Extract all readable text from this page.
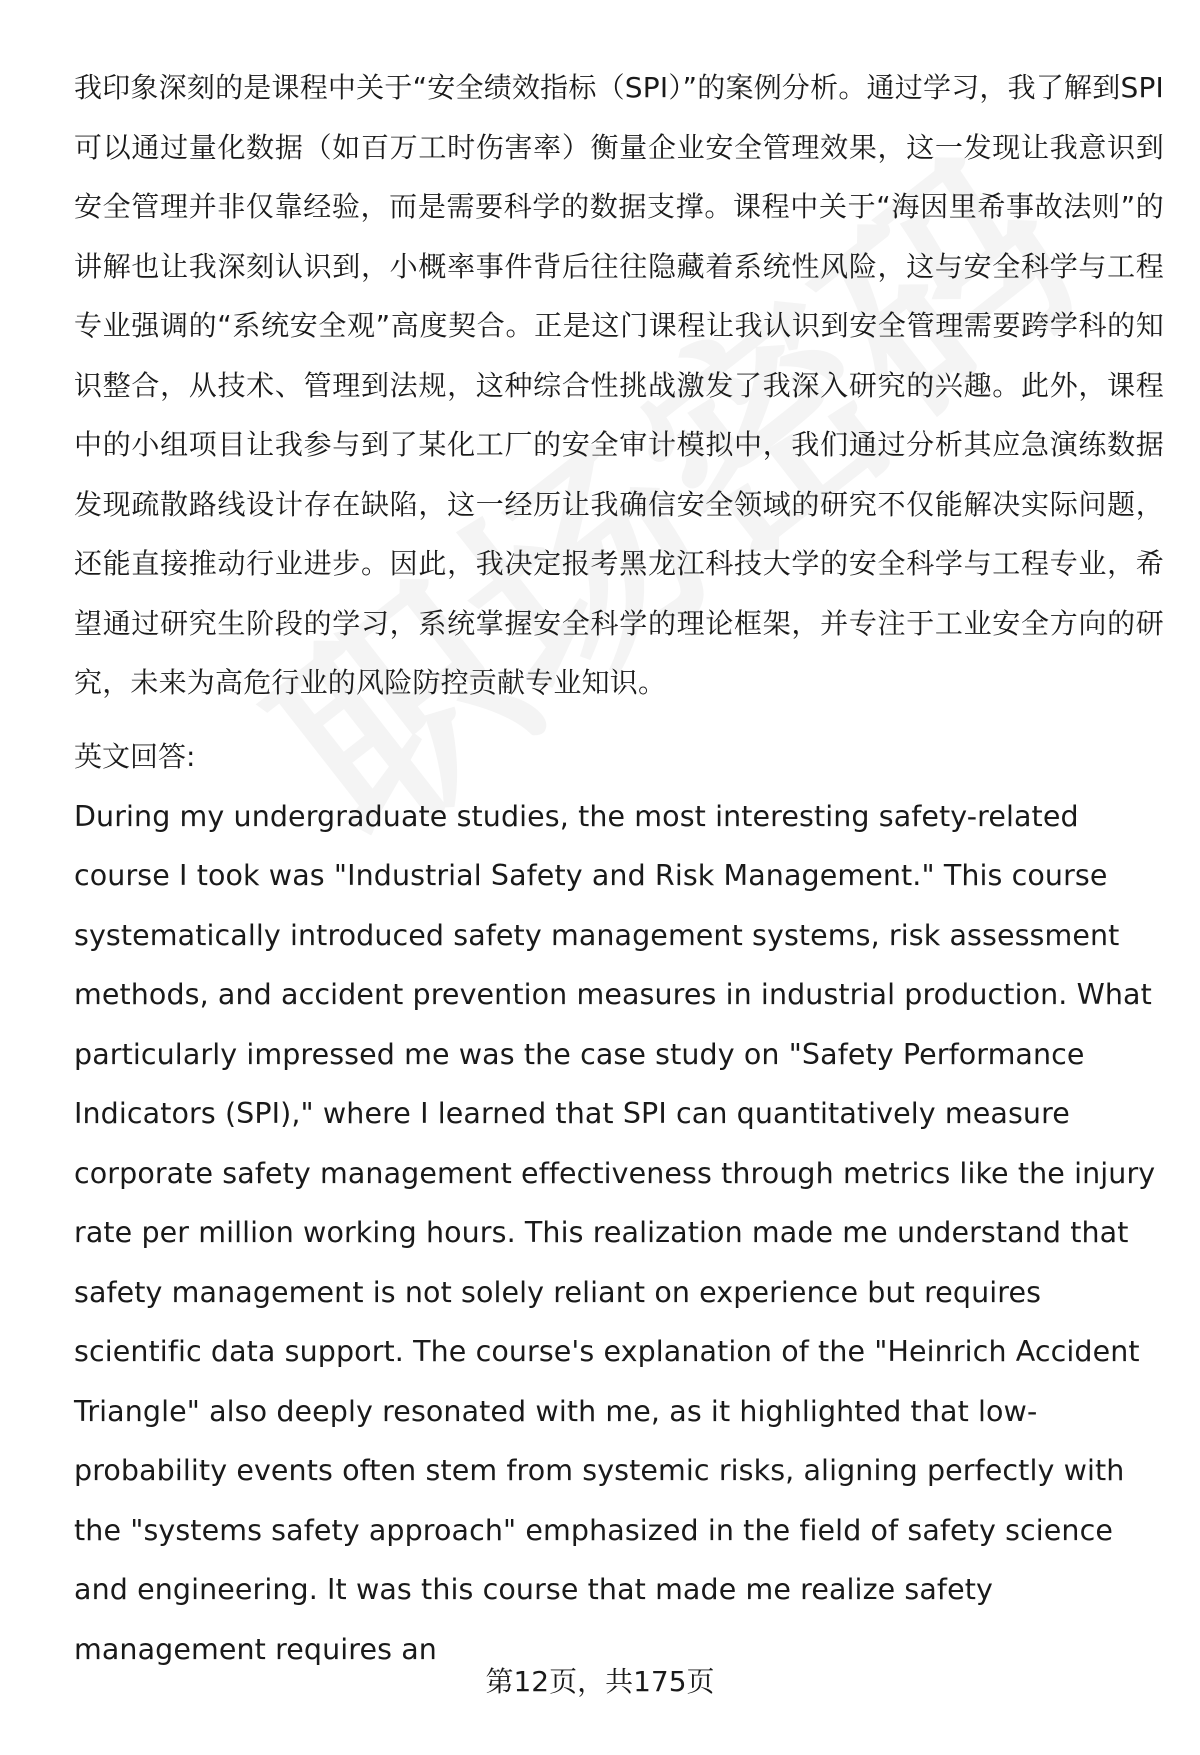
我印象深刻的是课程中关于“安全绩效指标（SPI）”的案例分析。通过学习，我了解到SPI可以通过量化数据（如百万工时伤害率）衡量企业安全管理效果，这一发现让我意识到安全管理并非仅靠经验，而是需要科学的数据支撑。课程中关于“海因里希事故法则”的讲解也让我深刻认识到，小概率事件背后往往隐藏着系统性风险，这与安全科学与工程专业强调的“系统安全观”高度契合。正是这门课程让我认识到安全管理需要跨学科的知识整合，从技术、管理到法规，这种综合性挑战激发了我深入研究的兴趣。此外，课程中的小组项目让我参与到了某化工厂的安全审计模拟中，我们通过分析其应急演练数据发现疏散路线设计存在缺陷，这一经历让我确信安全领域的研究不仅能解决实际问题，还能直接推动行业进步。因此，我决定报考黑龙江科技大学的安全科学与工程专业，希望通过研究生阶段的学习，系统掌握安全科学的理论框架，并专注于工业安全方向的研究，未来为高危行业的风险防控贡献专业知识。

英文回答:

During my undergraduate studies, the most interesting safety-related course I took was "Industrial Safety and Risk Management." This course systematically introduced safety management systems, risk assessment methods, and accident prevention measures in industrial production. What particularly impressed me was the case study on "Safety Performance Indicators (SPI)," where I learned that SPI can quantitatively measure corporate safety management effectiveness through metrics like the injury rate per million working hours. This realization made me understand that safety management is not solely reliant on experience but requires scientific data support. The course's explanation of the "Heinrich Accident Triangle" also deeply resonated with me, as it highlighted that low-probability events often stem from systemic risks, aligning perfectly with the "systems safety approach" emphasized in the field of safety science and engineering. It was this course that made me realize safety management requires an

第12页，共175页
